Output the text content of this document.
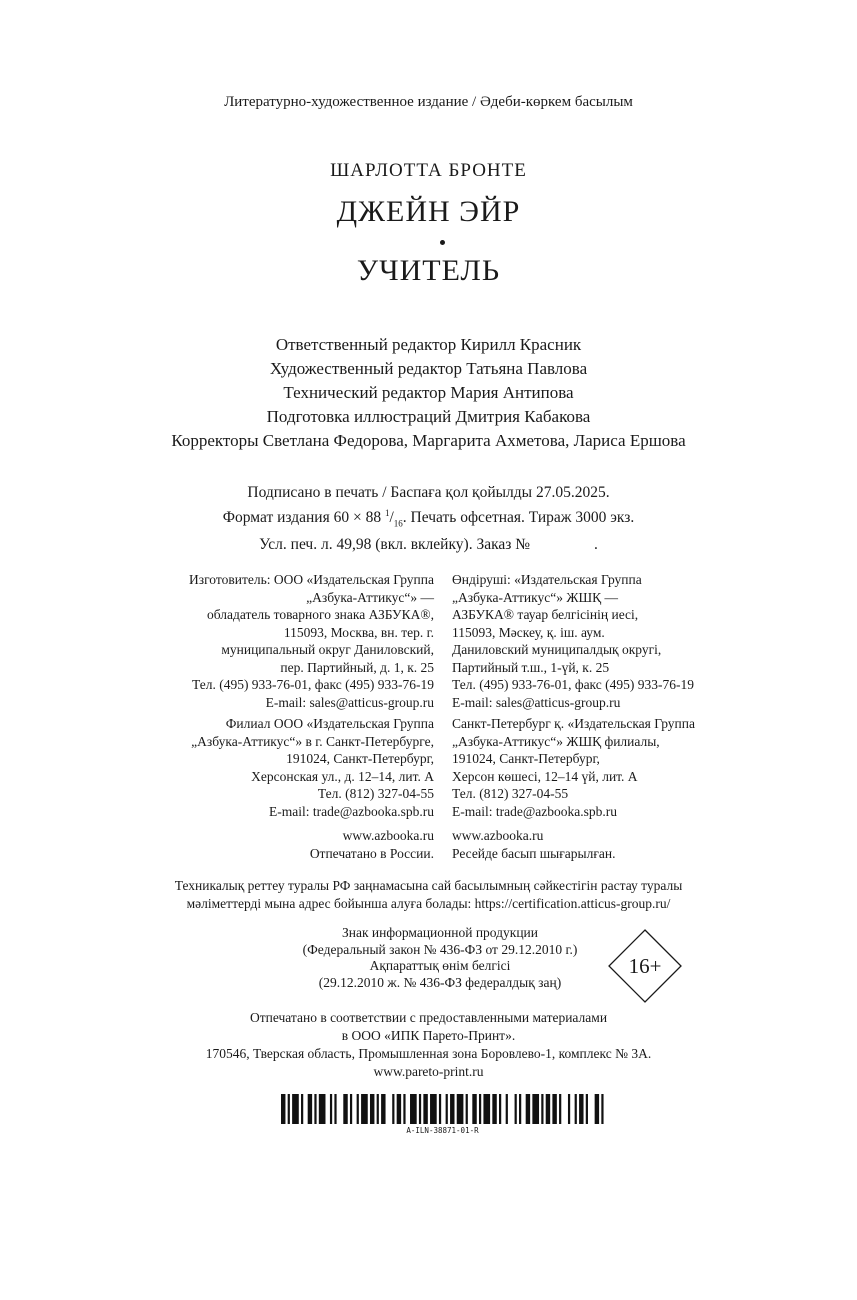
Литературно-художественное издание / Әдеби-көркем басылым
ШАРЛОТТА БРОНТЕ
ДЖЕЙН ЭЙР
УЧИТЕЛЬ
Ответственный редактор Кирилл Красник
Художественный редактор Татьяна Павлова
Технический редактор Мария Антипова
Подготовка иллюстраций Дмитрия Кабакова
Корректоры Светлана Федорова, Маргарита Ахметова, Лариса Ершова
Подписано в печать / Баспаға қол қойылды 27.05.2025.
Формат издания 60 × 88 $^1/_{16}$. Печать офсетная. Тираж 3000 экз.
Усл. печ. л. 49,98 (вкл. вклейку). Заказ №	.
Изготовитель: ООО «Издательская Группа
„Азбука-Аттикус“» —
обладатель товарного знака АЗБУКА®,
115093, Москва, вн. тер. г.
муниципальный округ Даниловский,
пер. Партийный, д. 1, к. 25
Тел. (495) 933-76-01, факс (495) 933-76-19
E-mail: sales@atticus-group.ru
Өндіруші: «Издательская Группа
„Азбука-Аттикус“» ЖШҚ —
АЗБУКА® тауар белгісінің иесі,
115093, Мәскеу, қ. іш. аум.
Даниловский муниципалдық округі,
Партийный т.ш., 1-үй, к. 25
Тел. (495) 933-76-01, факс (495) 933-76-19
E-mail: sales@atticus-group.ru
Филиал ООО «Издательская Группа
„Азбука-Аттикус“» в г. Санкт-Петербурге,
191024, Санкт-Петербург,
Херсонская ул., д. 12–14, лит. А
Тел. (812) 327-04-55
E-mail: trade@azbooka.spb.ru
Санкт-Петербург қ. «Издательская Группа
„Азбука-Аттикус“» ЖШҚ филиалы,
191024, Санкт-Петербург,
Херсон көшесі, 12–14 үй, лит. А
Тел. (812) 327-04-55
E-mail: trade@azbooka.spb.ru
www.azbooka.ru
Отпечатано в России.
www.azbooka.ru
Ресейде басып шығарылған.
Техникалық реттеу туралы РФ заңнамасына сай басылымның сәйкестігін растау туралы
мәліметтерді мына адрес бойынша алуға болады: https://certification.atticus-group.ru/
Знак информационной продукции
(Федеральный закон № 436-ФЗ от 29.12.2010 г.)
Ақпараттық өнім белгісі
(29.12.2010 ж. № 436-ФЗ федералдық заң)
16+
Отпечатано в соответствии с предоставленными материалами
в ООО «ИПК Парето-Принт».
170546, Тверская область, Промышленная зона Боровлево-1, комплекс № 3А.
www.pareto-print.ru
A-ILN-38871-01-R
